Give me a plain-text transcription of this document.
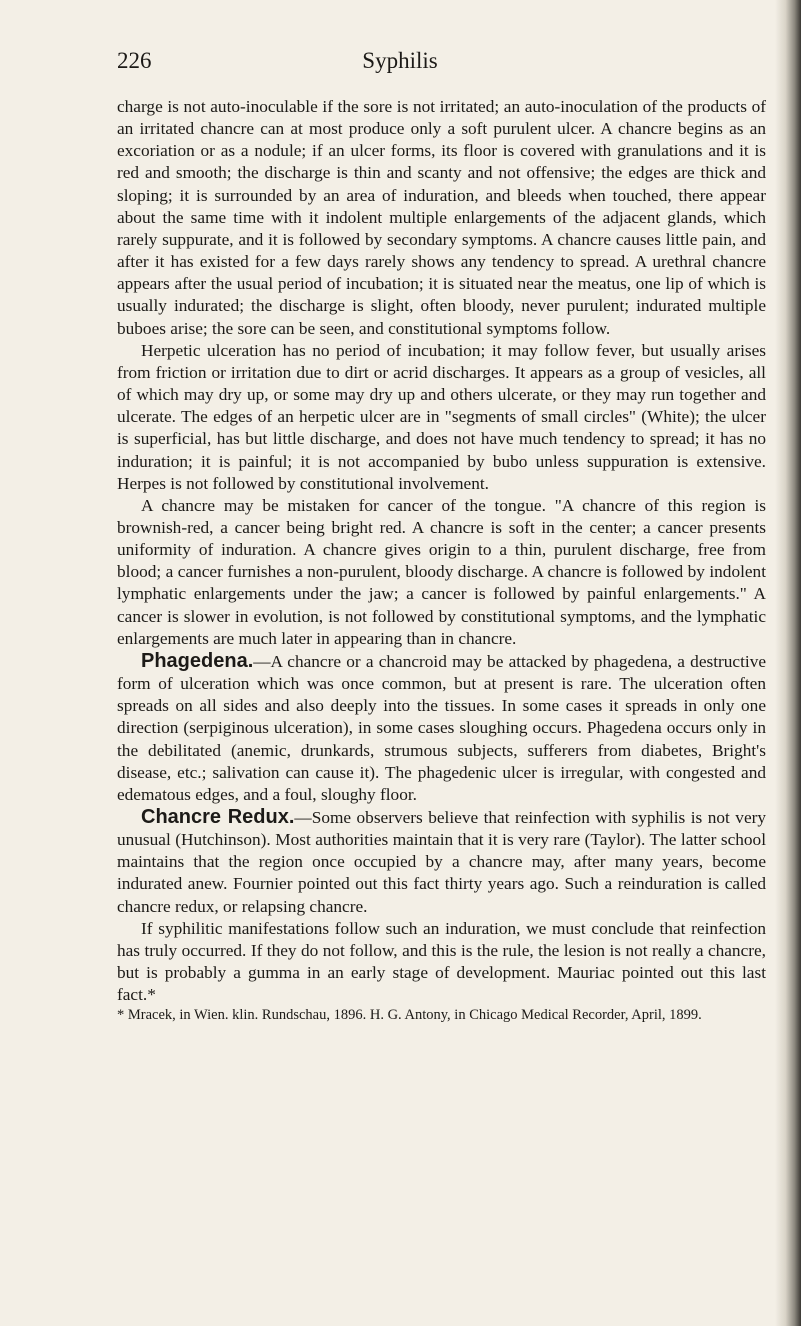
226	Syphilis

charge is not auto-inoculable if the sore is not irritated; an auto-inoculation of the products of an irritated chancre can at most produce only a soft purulent ulcer. A chancre begins as an excoriation or as a nodule; if an ulcer forms, its floor is covered with granulations and it is red and smooth; the discharge is thin and scanty and not offensive; the edges are thick and sloping; it is surrounded by an area of induration, and bleeds when touched, there appear about the same time with it indolent multiple enlargements of the adjacent glands, which rarely suppurate, and it is followed by secondary symptoms. A chancre causes little pain, and after it has existed for a few days rarely shows any tendency to spread. A urethral chancre appears after the usual period of incubation; it is situated near the meatus, one lip of which is usually indurated; the discharge is slight, often bloody, never purulent; indurated multiple buboes arise; the sore can be seen, and constitutional symptoms follow.

Herpetic ulceration has no period of incubation; it may follow fever, but usually arises from friction or irritation due to dirt or acrid discharges. It appears as a group of vesicles, all of which may dry up, or some may dry up and others ulcerate, or they may run together and ulcerate. The edges of an herpetic ulcer are in "segments of small circles" (White); the ulcer is superficial, has but little discharge, and does not have much tendency to spread; it has no induration; it is painful; it is not accompanied by bubo unless suppuration is extensive. Herpes is not followed by constitutional involvement.

A chancre may be mistaken for cancer of the tongue. "A chancre of this region is brownish-red, a cancer being bright red. A chancre is soft in the center; a cancer presents uniformity of induration. A chancre gives origin to a thin, purulent discharge, free from blood; a cancer furnishes a non-purulent, bloody discharge. A chancre is followed by indolent lymphatic enlargements under the jaw; a cancer is followed by painful enlargements." A cancer is slower in evolution, is not followed by constitutional symptoms, and the lymphatic enlargements are much later in appearing than in chancre.

Phagedena.—A chancre or a chancroid may be attacked by phagedena, a destructive form of ulceration which was once common, but at present is rare. The ulceration often spreads on all sides and also deeply into the tissues. In some cases it spreads in only one direction (serpiginous ulceration), in some cases sloughing occurs. Phagedena occurs only in the debilitated (anemic, drunkards, strumous subjects, sufferers from diabetes, Bright's disease, etc.; salivation can cause it). The phagedenic ulcer is irregular, with congested and edematous edges, and a foul, sloughy floor.

Chancre Redux.—Some observers believe that reinfection with syphilis is not very unusual (Hutchinson). Most authorities maintain that it is very rare (Taylor). The latter school maintains that the region once occupied by a chancre may, after many years, become indurated anew. Fournier pointed out this fact thirty years ago. Such a reinduration is called chancre redux, or relapsing chancre.

If syphilitic manifestations follow such an induration, we must conclude that reinfection has truly occurred. If they do not follow, and this is the rule, the lesion is not really a chancre, but is probably a gumma in an early stage of development. Mauriac pointed out this last fact.*

* Mracek, in Wien. klin. Rundschau, 1896. H. G. Antony, in Chicago Medical Recorder, April, 1899.
